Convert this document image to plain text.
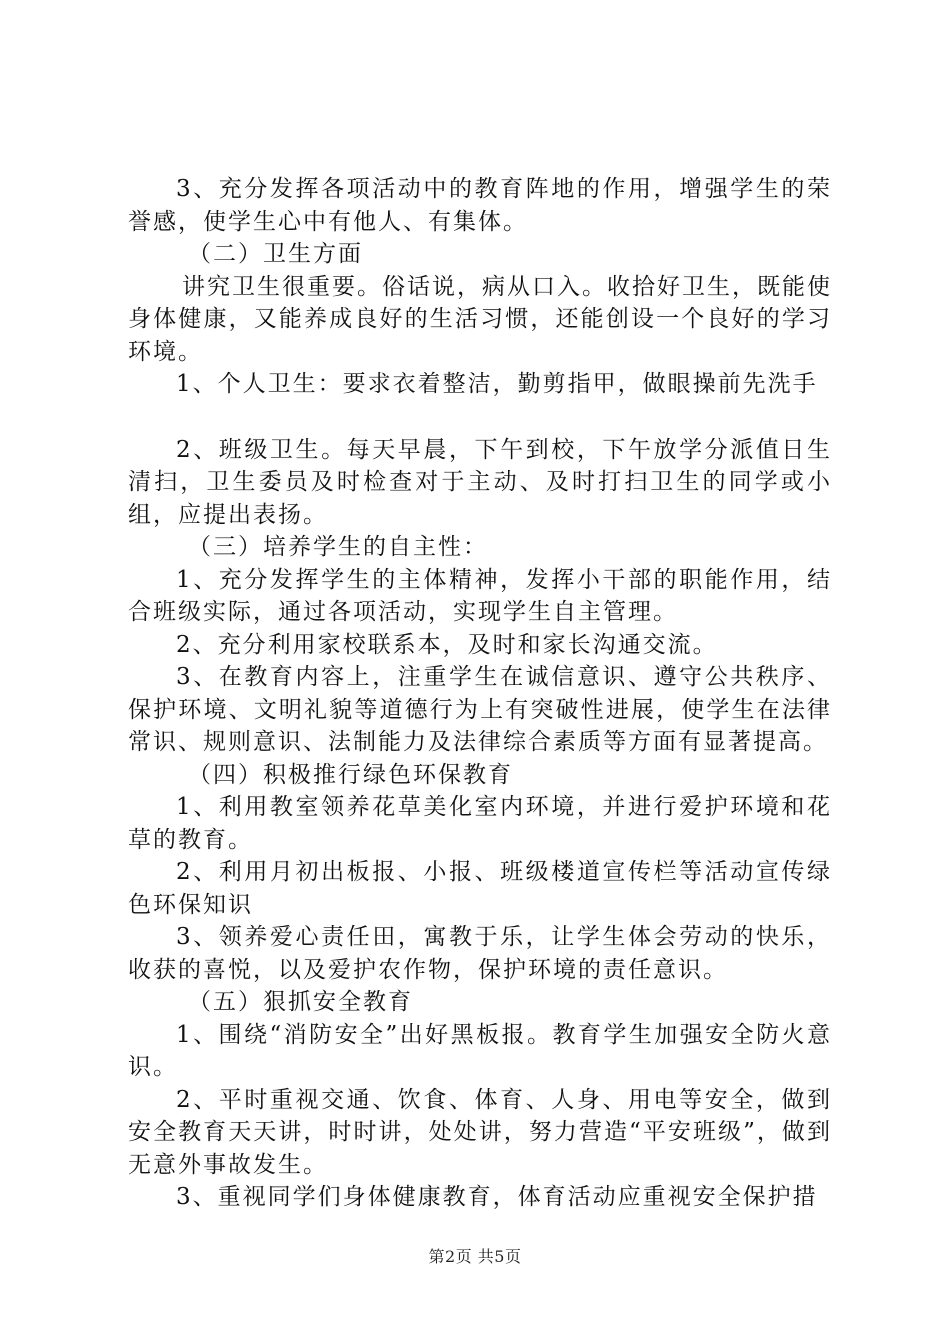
3、充分发挥各项活动中的教育阵地的作用，增强学生的荣誉感，使学生心中有他人、有集体。

（二）卫生方面

讲究卫生很重要。俗话说，病从口入。收拾好卫生，既能使身体健康，又能养成良好的生活习惯，还能创设一个良好的学习环境。

1、个人卫生：要求衣着整洁，勤剪指甲，做眼操前先洗手

2、班级卫生。每天早晨，下午到校，下午放学分派值日生清扫，卫生委员及时检查对于主动、及时打扫卫生的同学或小组，应提出表扬。

（三）培养学生的自主性：

1、充分发挥学生的主体精神，发挥小干部的职能作用，结合班级实际，通过各项活动，实现学生自主管理。

2、充分利用家校联系本，及时和家长沟通交流。

3、在教育内容上，注重学生在诚信意识、遵守公共秩序、保护环境、文明礼貌等道德行为上有突破性进展，使学生在法律常识、规则意识、法制能力及法律综合素质等方面有显著提高。

（四）积极推行绿色环保教育

1、利用教室领养花草美化室内环境，并进行爱护环境和花草的教育。

2、利用月初出板报、小报、班级楼道宣传栏等活动宣传绿色环保知识

3、领养爱心责任田，寓教于乐，让学生体会劳动的快乐，收获的喜悦，以及爱护农作物，保护环境的责任意识。

（五）狠抓安全教育

1、围绕“消防安全”出好黑板报。教育学生加强安全防火意识。

2、平时重视交通、饮食、体育、人身、用电等安全，做到安全教育天天讲，时时讲，处处讲，努力营造“平安班级”，做到无意外事故发生。

3、重视同学们身体健康教育，体育活动应重视安全保护措

第2页 共5页
